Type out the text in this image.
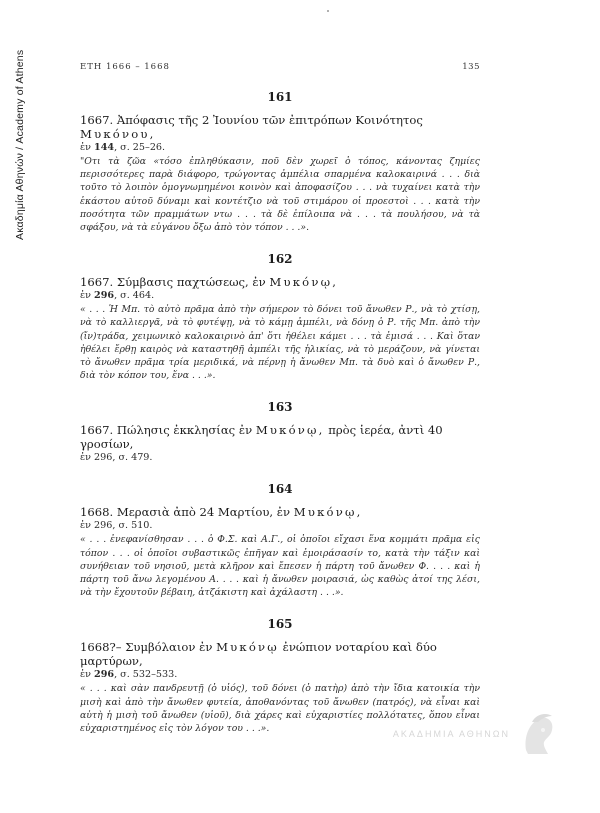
Ακαδημία Αθηνών / Academy of Athens	ΕΤΗ 1666 – 1668	135
161
1667. Ἀπόφασις τῆς 2 Ἰουνίου τῶν ἐπιτρόπων Κοινότητος Μυκόνου,
ἐν 144, σ. 25–26.
"Οτι τὰ ζῶα «τόσο ἐπληθύκασιν, ποῦ δὲν χωρεῖ ὁ τόπος, κάνοντας ζημίες περισσότερες παρὰ διάφορο, τρώγοντας ἀμπέλια σπαρμένα καλοκαιρινά . . . διὰ τοῦτο τὸ λοιπὸν ὁμογνωμημένοι κοινὸν καὶ ἀποφασίζου . . . νὰ τυχαίνει κατὰ τὴν ἑκάστου αὐτοῦ δύναμι καὶ κοντέτζιο νὰ τοῦ στιμάρου οἱ προεστοὶ . . . κατὰ τὴν ποσότητα τῶν πραμμάτων ντω . . . τὰ δὲ ἐπίλοιπα νὰ . . . τὰ πουλήσου, νὰ τὰ σφάξου, νὰ τὰ εὐγάνου ὄξω ἀπὸ τὸν τόπον . . .».
162
1667. Σύμβασις παχτώσεως, ἐν Μυκόνῳ,
ἐν 296, σ. 464.
« . . . Ἡ Μπ. τὸ αὐτὸ πρᾶμα ἀπὸ τὴν σήμερον τὸ δόνει τοῦ ἄνωθεν Ρ., νὰ τὸ χτίσῃ, νὰ τὸ καλλιεργᾶ, νὰ τὸ φυτέψῃ, νὰ τὸ κάμῃ ἀμπέλι, νὰ δόνῃ ὁ Ρ. τῆς Μπ. ἀπὸ τὴν (ἴν)τράδα, χειμωνικὸ καλοκαιρινὸ ἀπ' ὅτι ἠθέλει κάμει . . . τὰ ἐμισά . . . Καὶ ὅταν ἠθέλει ἔρθῃ καιρὸς νὰ καταστηθῇ ἀμπέλι τῆς ἡλικίας, νὰ τὸ μεράζουν, νὰ γίνεται τὸ ἄνωθεν πρᾶμα τρία μεριδικά, νὰ πέρνῃ ἡ ἄνωθεν Μπ. τὰ δυὸ καὶ ὁ ἄνωθεν Ρ., διὰ τὸν κόπον του, ἕνα . . .».
163
1667. Πώλησις ἐκκλησίας ἐν Μυκόνῳ, πρὸς ἱερέα, ἀντὶ 40 γροσίων,
ἐν 296, σ. 479.
164
1668. Μερασιὰ ἀπὸ 24 Μαρτίου, ἐν Μυκόνῳ,
ἐν 296, σ. 510.
« . . . ἐνεφανίσθησαν . . . ὁ Φ.Σ. καὶ Α.Γ., οἱ ὁποῖοι εἴχασι ἕνα κομμάτι πρᾶμα εἰς τόπον . . . οἱ ὁποῖοι συβαστικῶς ἐπῆγαν καὶ ἐμοιράσασίν το, κατὰ τὴν τάξιν καὶ συνήθειαν τοῦ νησιοῦ, μετὰ κλῆρον καὶ ἔπεσεν ἡ πάρτη τοῦ ἄνωθεν Φ. . . . καὶ ἡ πάρτη τοῦ ἄνω λεγομένου Α. . . . καὶ ἡ ἄνωθεν μοιρασιά, ὡς καθὼς ἀτοί της λέσι, νὰ τὴν ἔχουτοῦν βέβαιη, ἀτζάκιστη καὶ ἀχάλαστη . . .».
165
1668?– Συμβόλαιον ἐν Μυκόνῳ ἐνώπιον νοταρίου καὶ δύο μαρτύρων,
ἐν 296, σ. 532–533.
« . . . καὶ σὰν πανδρευτῇ (ὁ υἱός), τοῦ δόνει (ὁ πατὴρ) ἀπὸ τὴν ἴδια κατοικία τὴν μισὴ καὶ ἀπὸ τὴν ἄνωθεν φυτεία, ἀποθανόντας τοῦ ἄνωθεν (πατρός), νὰ εἶναι καὶ αὐτὴ ἡ μισὴ τοῦ ἄνωθεν (υἱοῦ), διὰ χάρες καὶ εὐχαριστίες πολλότατες, ὅπου εἶναι εὐχαριστημένος εἰς τὸν λόγον του . . .».	ΑΚΑΔΗΜΙΑ ΑΘΗΝΩΝ
